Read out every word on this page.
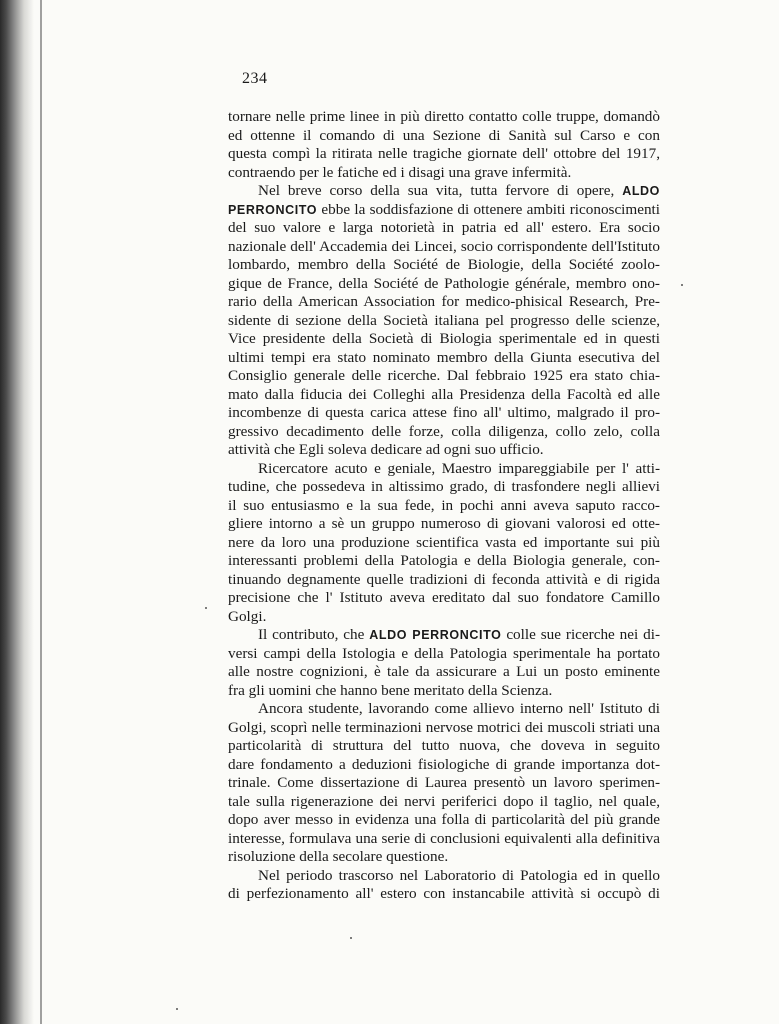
234
tornare nelle prime linee in più diretto contatto colle truppe, domandò
ed ottenne il comando di una Sezione di Sanità sul Carso e con
questa compì la ritirata nelle tragiche giornate dell' ottobre del 1917,
contraendo per le fatiche ed i disagi una grave infermità.
Nel breve corso della sua vita, tutta fervore di opere, ALDO
PERRONCITO ebbe la soddisfazione di ottenere ambiti riconoscimenti
del suo valore e larga notorietà in patria ed all' estero. Era socio
nazionale dell' Accademia dei Lincei, socio corrispondente dell'Istituto
lombardo, membro della Société de Biologie, della Société zoolo-
gique de France, della Société de Pathologie générale, membro ono-
rario della American Association for medico-phisical Research, Pre-
sidente di sezione della Società italiana pel progresso delle scienze,
Vice presidente della Società di Biologia sperimentale ed in questi
ultimi tempi era stato nominato membro della Giunta esecutiva del
Consiglio generale delle ricerche. Dal febbraio 1925 era stato chia-
mato dalla fiducia dei Colleghi alla Presidenza della Facoltà ed alle
incombenze di questa carica attese fino all' ultimo, malgrado il pro-
gressivo decadimento delle forze, colla diligenza, collo zelo, colla
attività che Egli soleva dedicare ad ogni suo ufficio.
Ricercatore acuto e geniale, Maestro impareggiabile per l' atti-
tudine, che possedeva in altissimo grado, di trasfondere negli allievi
il suo entusiasmo e la sua fede, in pochi anni aveva saputo racco-
gliere intorno a sè un gruppo numeroso di giovani valorosi ed otte-
nere da loro una produzione scientifica vasta ed importante sui più
interessanti problemi della Patologia e della Biologia generale, con-
tinuando degnamente quelle tradizioni di feconda attività e di rigida
precisione che l' Istituto aveva ereditato dal suo fondatore Camillo
Golgi.
Il contributo, che ALDO PERRONCITO colle sue ricerche nei di-
versi campi della Istologia e della Patologia sperimentale ha portato
alle nostre cognizioni, è tale da assicurare a Lui un posto eminente
fra gli uomini che hanno bene meritato della Scienza.
Ancora studente, lavorando come allievo interno nell' Istituto di
Golgi, scoprì nelle terminazioni nervose motrici dei muscoli striati una
particolarità di struttura del tutto nuova, che doveva in seguito
dare fondamento a deduzioni fisiologiche di grande importanza dot-
trinale. Come dissertazione di Laurea presentò un lavoro sperimen-
tale sulla rigenerazione dei nervi periferici dopo il taglio, nel quale,
dopo aver messo in evidenza una folla di particolarità del più grande
interesse, formulava una serie di conclusioni equivalenti alla definitiva
risoluzione della secolare questione.
Nel periodo trascorso nel Laboratorio di Patologia ed in quello
di perfezionamento all' estero con instancabile attività si occupò di
